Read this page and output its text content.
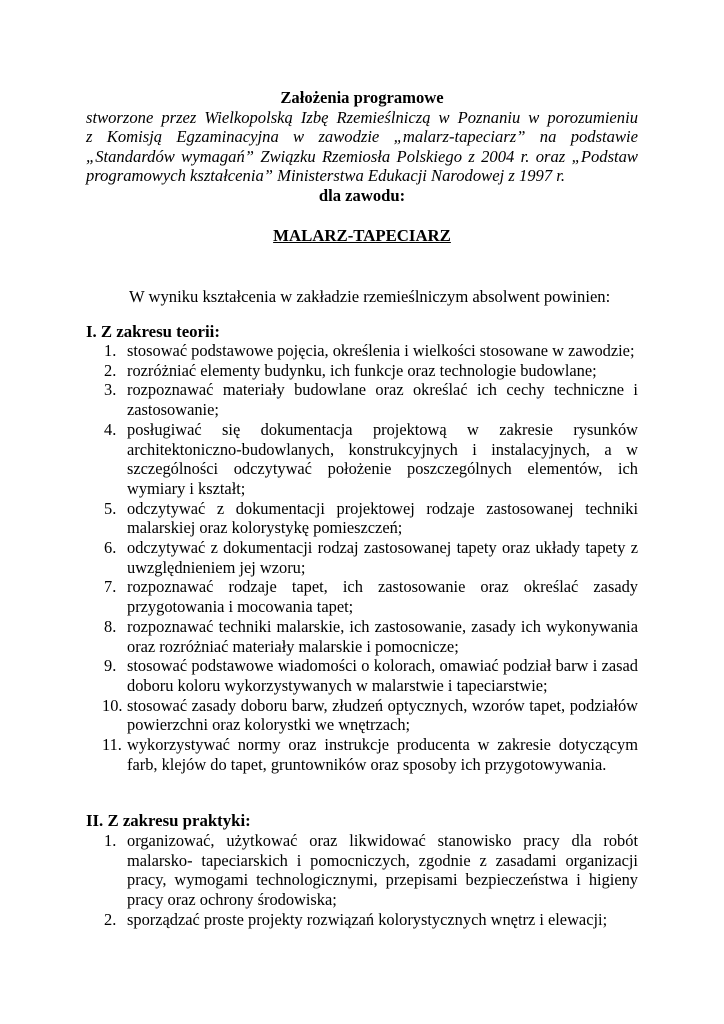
Założenia programowe
stworzone przez Wielkopolską Izbę Rzemieślniczą w Poznaniu w porozumieniu
z Komisją Egzaminacyjna w zawodzie „malarz-tapeciarz” na podstawie
„Standardów wymagań” Związku Rzemiosła Polskiego z 2004 r. oraz „Podstaw
programowych kształcenia” Ministerstwa Edukacji Narodowej z 1997 r.
dla zawodu:
MALARZ-TAPECIARZ
W wyniku kształcenia w zakładzie rzemieślniczym absolwent powinien:
I. Z zakresu teorii:
1. stosować podstawowe pojęcia, określenia i wielkości stosowane w zawodzie;
2. rozróżniać elementy budynku, ich funkcje oraz technologie budowlane;
3. rozpoznawać materiały budowlane oraz określać ich cechy techniczne i zastosowanie;
4. posługiwać się dokumentacja projektową w zakresie rysunków architektoniczno-budowlanych, konstrukcyjnych i instalacyjnych, a w szczególności odczytywać położenie poszczególnych elementów, ich wymiary i kształt;
5. odczytywać z dokumentacji projektowej rodzaje zastosowanej techniki malarskiej oraz kolorystykę pomieszczeń;
6. odczytywać z dokumentacji rodzaj zastosowanej tapety oraz układy tapety z uwzględnieniem jej wzoru;
7. rozpoznawać rodzaje tapet, ich zastosowanie oraz określać zasady przygotowania i mocowania tapet;
8. rozpoznawać techniki malarskie, ich zastosowanie, zasady ich wykonywania oraz rozróżniać materiały malarskie i pomocnicze;
9. stosować podstawowe wiadomości o kolorach, omawiać podział barw i zasad doboru koloru wykorzystywanych w malarstwie i tapeciarstwie;
10. stosować zasady doboru barw, złudzeń optycznych, wzorów tapet, podziałów powierzchni oraz kolorystki we wnętrzach;
11. wykorzystywać normy oraz instrukcje producenta w zakresie dotyczącym farb, klejów do tapet, gruntowników oraz sposoby ich przygotowywania.
II. Z zakresu praktyki:
1. organizować, użytkować oraz likwidować stanowisko pracy dla robót malarsko- tapeciarskich i pomocniczych, zgodnie z zasadami organizacji pracy, wymogami technologicznymi, przepisami bezpieczeństwa i higieny pracy oraz ochrony środowiska;
2. sporządzać proste projekty rozwiązań kolorystycznych wnętrz i elewacji;
